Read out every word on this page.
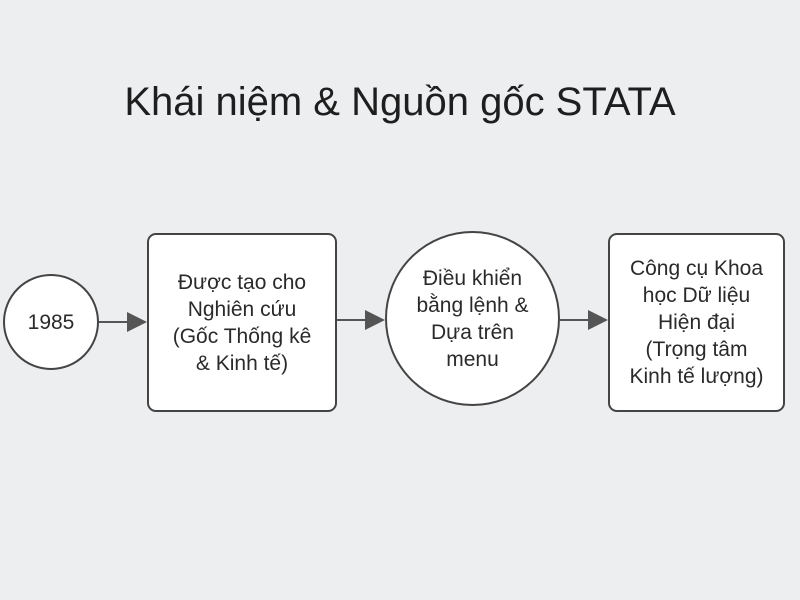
Khái niệm & Nguồn gốc STATA
1985
Được tạo cho
Nghiên cứu
(Gốc Thống kê
& Kinh tế)
Điều khiển
bằng lệnh &
Dựa trên
menu
Công cụ Khoa
học Dữ liệu
Hiện đại
(Trọng tâm
Kinh tế lượng)
